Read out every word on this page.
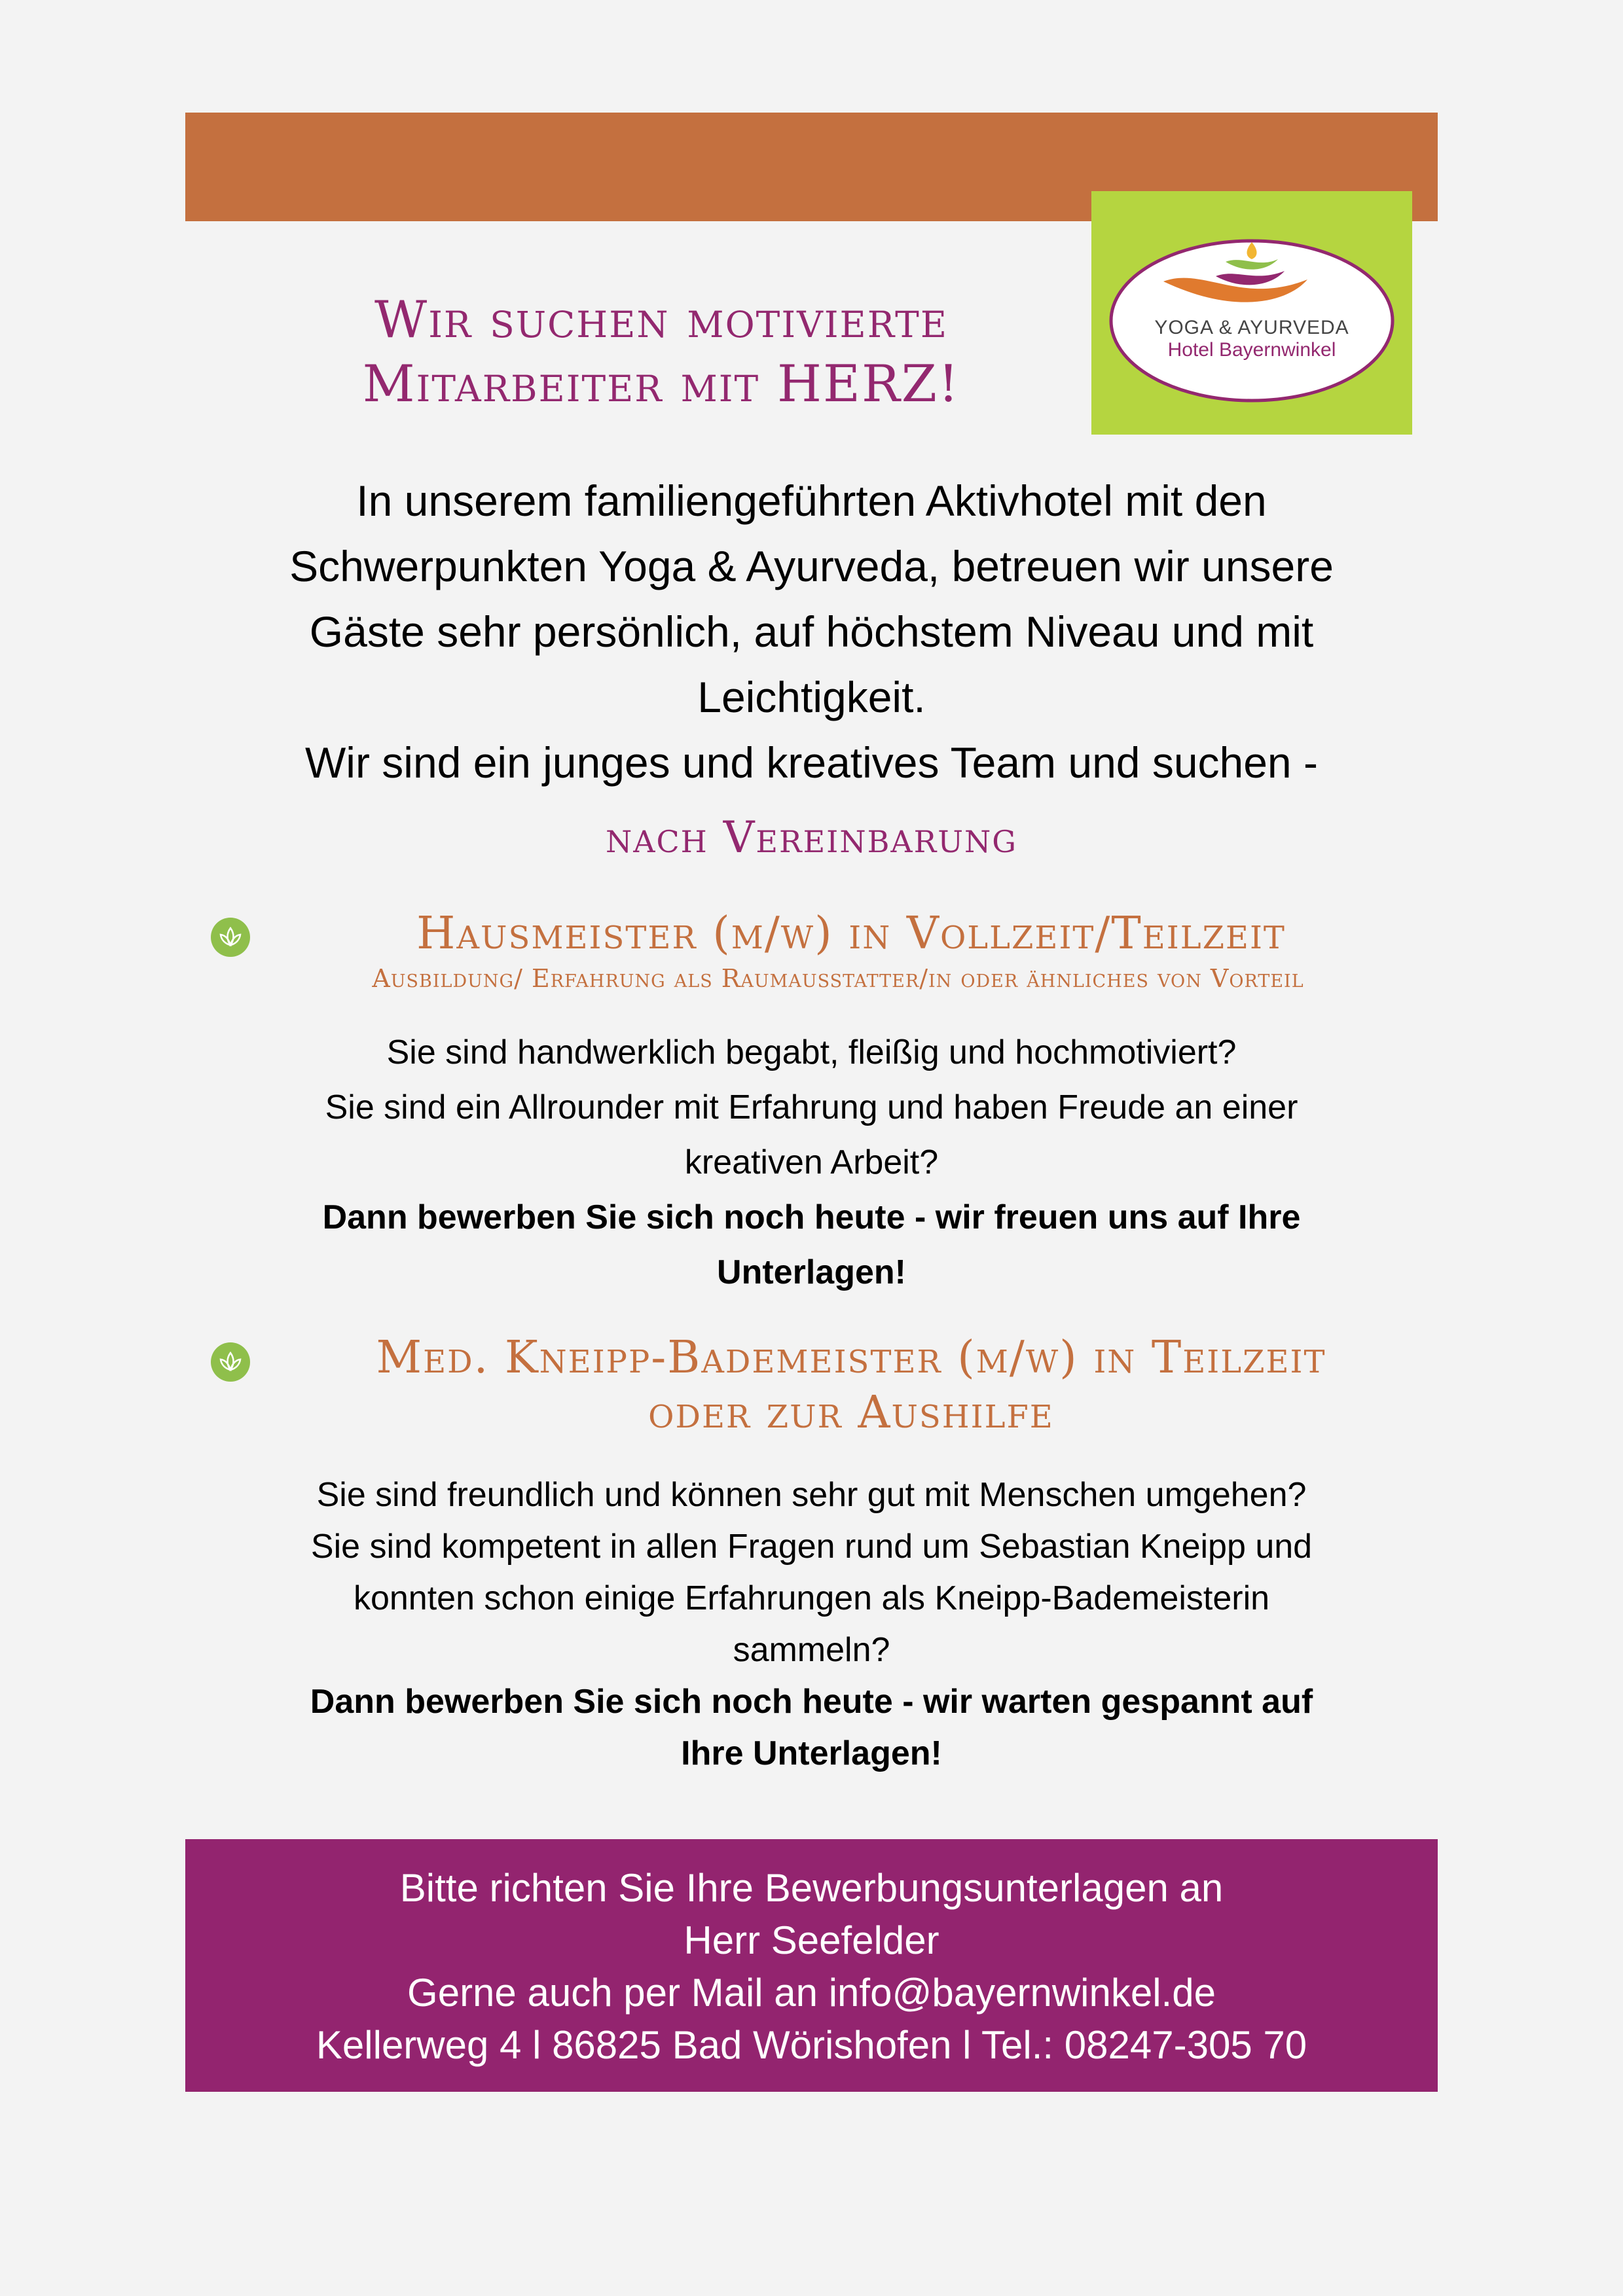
YOGA & AYURVEDA
Hotel Bayernwinkel
Wir suchen motivierte
Mitarbeiter mit HERZ!
In unserem familiengeführten Aktivhotel mit den
Schwerpunkten Yoga & Ayurveda, betreuen wir unsere
Gäste sehr persönlich, auf höchstem Niveau und mit
Leichtigkeit.
Wir sind ein junges und kreatives Team und suchen -
nach Vereinbarung
Hausmeister (m/w) in Vollzeit/Teilzeit
Ausbildung/ Erfahrung als Raumausstatter/in oder ähnliches von Vorteil
Sie sind handwerklich begabt, fleißig und hochmotiviert?
Sie sind ein Allrounder mit Erfahrung und haben Freude an einer
kreativen Arbeit?
Dann bewerben Sie sich noch heute - wir freuen uns auf Ihre
Unterlagen!
Med. Kneipp-Bademeister (m/w) in Teilzeit
oder zur Aushilfe
Sie sind freundlich und können sehr gut mit Menschen umgehen?
Sie sind kompetent in allen Fragen rund um Sebastian Kneipp und
konnten schon einige Erfahrungen als Kneipp-Bademeisterin
sammeln?
Dann bewerben Sie sich noch heute - wir warten gespannt auf
Ihre Unterlagen!
Bitte richten Sie Ihre Bewerbungsunterlagen an
Herr Seefelder
Gerne auch per Mail an info@bayernwinkel.de
Kellerweg 4 l 86825 Bad Wörishofen l Tel.: 08247-305 70
